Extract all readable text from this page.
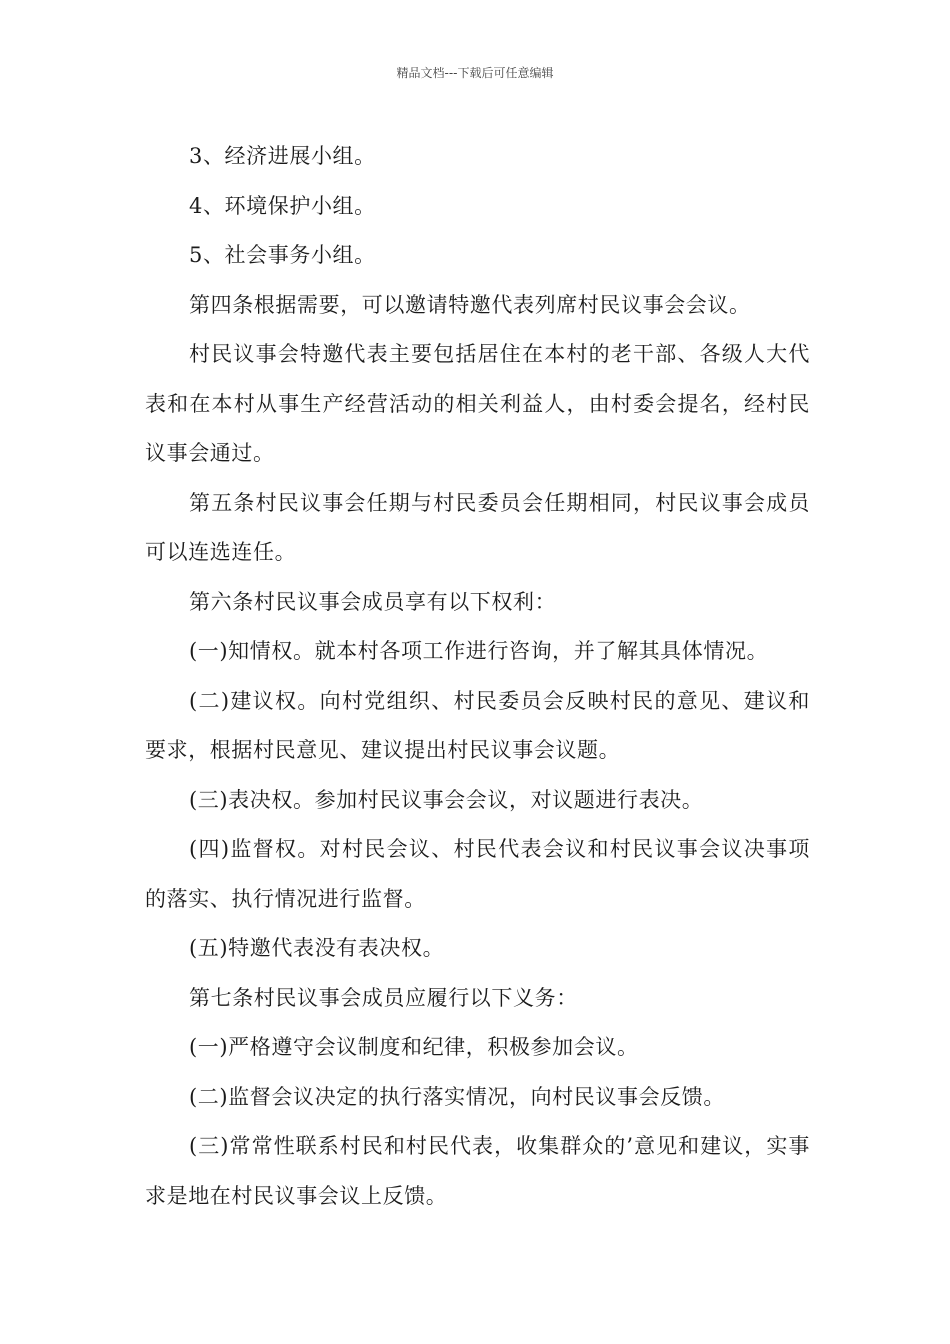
精品文档---下载后可任意编辑

3、经济进展小组。

4、环境保护小组。

5、社会事务小组。

第四条根据需要，可以邀请特邀代表列席村民议事会会议。

村民议事会特邀代表主要包括居住在本村的老干部、各级人大代表和在本村从事生产经营活动的相关利益人，由村委会提名，经村民议事会通过。

第五条村民议事会任期与村民委员会任期相同，村民议事会成员可以连选连任。

第六条村民议事会成员享有以下权利：

(一)知情权。就本村各项工作进行咨询，并了解其具体情况。

(二)建议权。向村党组织、村民委员会反映村民的意见、建议和要求，根据村民意见、建议提出村民议事会议题。

(三)表决权。参加村民议事会会议，对议题进行表决。

(四)监督权。对村民会议、村民代表会议和村民议事会议决事项的落实、执行情况进行监督。

(五)特邀代表没有表决权。

第七条村民议事会成员应履行以下义务：

(一)严格遵守会议制度和纪律，积极参加会议。

(二)监督会议决定的执行落实情况，向村民议事会反馈。

(三)常常性联系村民和村民代表，收集群众的’意见和建议，实事求是地在村民议事会议上反馈。
